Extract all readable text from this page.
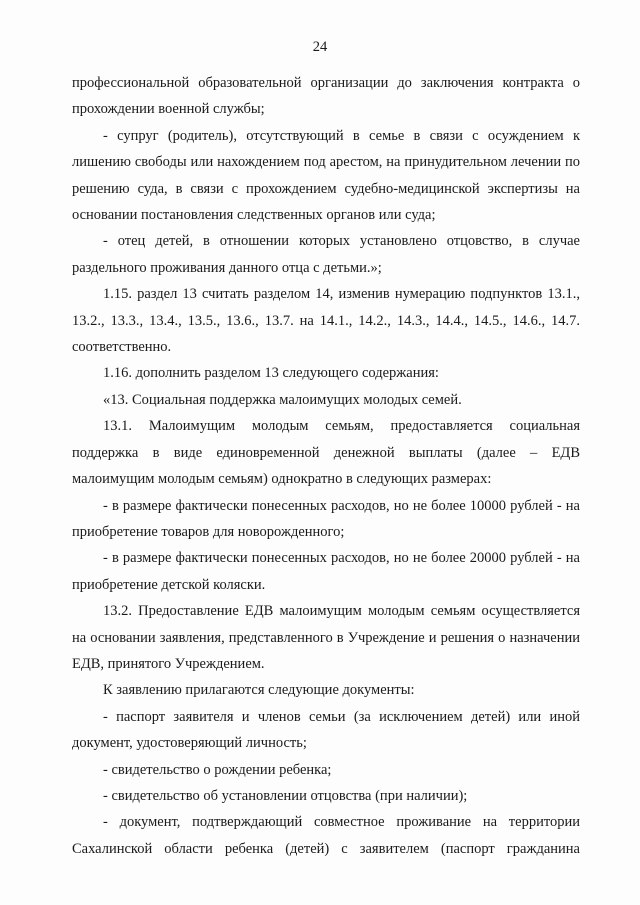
24

профессиональной образовательной организации до заключения контракта о прохождении военной службы;

- супруг (родитель), отсутствующий в семье в связи с осуждением к лишению свободы или нахождением под арестом, на принудительном лечении по решению суда, в связи с прохождением судебно-медицинской экспертизы на основании постановления следственных органов или суда;

- отец детей, в отношении которых установлено отцовство, в случае раздельного проживания данного отца с детьми.»;

1.15. раздел 13 считать разделом 14, изменив нумерацию подпунктов 13.1., 13.2., 13.3., 13.4., 13.5., 13.6., 13.7. на 14.1., 14.2., 14.3., 14.4., 14.5., 14.6., 14.7. соответственно.

1.16. дополнить разделом 13 следующего содержания:

«13. Социальная поддержка малоимущих молодых семей.

13.1. Малоимущим молодым семьям, предоставляется социальная поддержка в виде единовременной денежной выплаты (далее – ЕДВ малоимущим молодым семьям) однократно в следующих размерах:

- в размере фактически понесенных расходов, но не более 10000 рублей - на приобретение товаров для новорожденного;

- в размере фактически понесенных расходов, но не более 20000 рублей - на приобретение детской коляски.

13.2. Предоставление ЕДВ малоимущим молодым семьям осуществляется на основании заявления, представленного в Учреждение и решения о назначении ЕДВ, принятого Учреждением.

К заявлению прилагаются следующие документы:

- паспорт заявителя и членов семьи (за исключением детей) или иной документ, удостоверяющий личность;

- свидетельство о рождении ребенка;

- свидетельство об установлении отцовства (при наличии);

- документ, подтверждающий совместное проживание на территории Сахалинской области ребенка (детей) с заявителем (паспорт гражданина
